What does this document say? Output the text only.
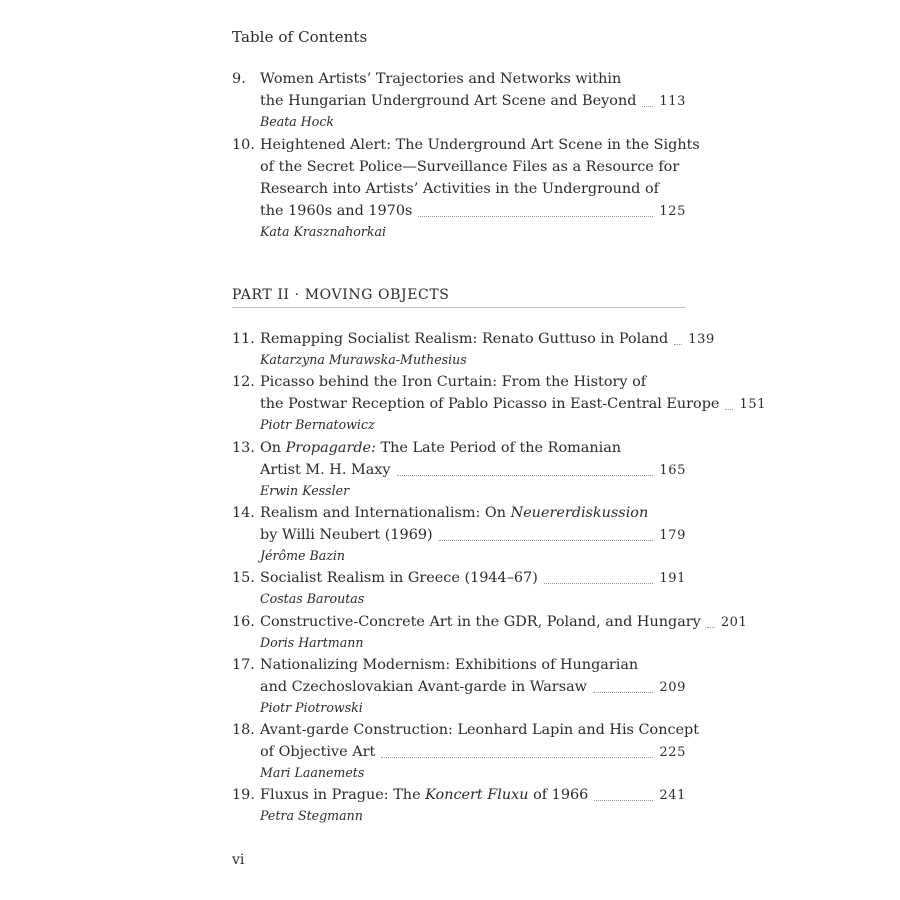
Table of Contents
9. Women Artists’ Trajectories and Networks within
the Hungarian Underground Art Scene and Beyond 113
Beata Hock
10. Heightened Alert: The Underground Art Scene in the Sights
of the Secret Police—Surveillance Files as a Resource for
Research into Artists’ Activities in the Underground of
the 1960s and 1970s	125
Kata Krasznahorkai
PART II · MOVING OBJECTS
11. Remapping Socialist Realism: Renato Guttuso in Poland 139
Katarzyna Murawska-Muthesius
12. Picasso behind the Iron Curtain: From the History of
the Postwar Reception of Pablo Picasso in East-Central Europe 151
Piotr Bernatowicz
13. On Propagarde: The Late Period of the Romanian
Artist M. H. Maxy	165
Erwin Kessler
14. Realism and Internationalism: On Neuererdiskussion
by Willi Neubert (1969)	179
Jérôme Bazin
15. Socialist Realism in Greece (1944–67)	191
Costas Baroutas
16. Constructive-Concrete Art in the GDR, Poland, and Hungary 201
Doris Hartmann
17. Nationalizing Modernism: Exhibitions of Hungarian
and Czechoslovakian Avant-garde in Warsaw	209
Piotr Piotrowski
18. Avant-garde Construction: Leonhard Lapin and His Concept
of Objective Art	225
Mari Laanemets
19. Fluxus in Prague: The Koncert Fluxu of 1966	241
Petra Stegmann
vi
